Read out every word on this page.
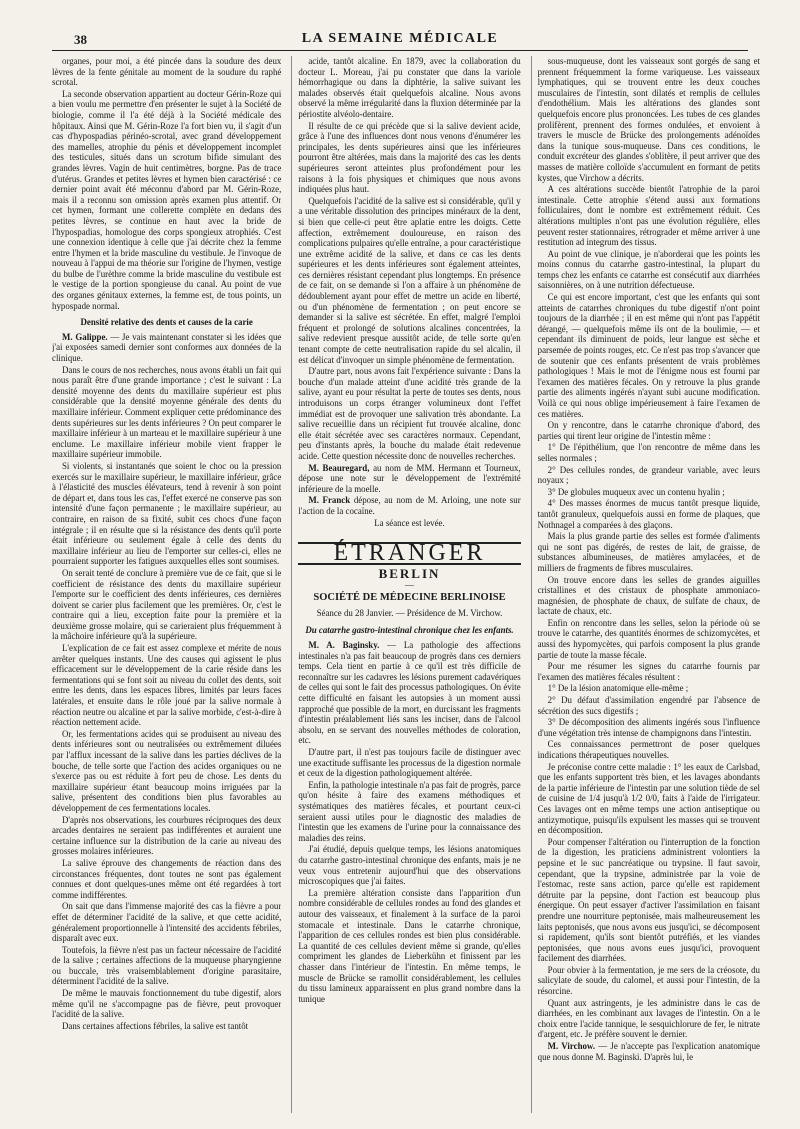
38	LA SEMAINE MÉDICALE

organes, pour moi, a été pincée dans la soudure des deux lèvres de la fente génitale au moment de la soudure du raphé scrotal.

La seconde observation appartient au docteur Gérin-Roze qui a bien voulu me permettre d'en présenter le sujet à la Société de biologie, comme il l'a été déjà à la Société médicale des hôpitaux. Ainsi que M. Gérin-Roze l'a fort bien vu, il s'agit d'un cas d'hypospadias périnéo-scrotal, avec grand développement des mamelles, atrophie du pénis et développement incomplet des testicules, situés dans un scrotum bifide simulant des grandes lèvres. Vagin de huit centimètres, borgne. Pas de trace d'utérus. Grandes et petites lèvres et hymen bien caractérisé : ce dernier point avait été méconnu d'abord par M. Gérin-Roze, mais il a reconnu son omission après examen plus attentif. Or cet hymen, formant une collerette complète en dedans des petites lèvres, se continue en haut avec la bride de l'hypospadias, homologue des corps spongieux atrophiés. C'est une connexion identique à celle que j'ai décrite chez la femme entre l'hymen et la bride masculine du vestibule. Je l'invoque de nouveau à l'appui de ma théorie sur l'origine de l'hymen, vestige du bulbe de l'urèthre comme la bride masculine du vestibule est le vestige de la portion spongieuse du canal. Au point de vue des organes génitaux externes, la femme est, de tous points, un hypospade normal.

Densité relative des dents et causes de la carie

M. Galippe. — Je vais maintenant constater si les idées que j'ai exposées samedi dernier sont conformes aux données de la clinique.

Dans le cours de nos recherches, nous avons établi un fait qui nous paraît être d'une grande importance ; c'est le suivant : La densité moyenne des dents du maxillaire supérieur est plus considérable que la densité moyenne générale des dents du maxillaire inférieur. Comment expliquer cette prédominance des dents supérieures sur les dents inférieures ? On peut comparer le maxillaire inférieur à un marteau et le maxillaire supérieur à une enclume. Le maxillaire inférieur mobile vient frapper le maxillaire supérieur immobile.

Si violents, si instantanés que soient le choc ou la pression exercés sur le maxillaire supérieur, le maxillaire inférieur, grâce à l'élasticité des muscles élévateurs, tend à revenir à son point de départ et, dans tous les cas, l'effet exercé ne conserve pas son intensité d'une façon permanente ; le maxillaire supérieur, au contraire, en raison de sa fixité, subit ces chocs d'une façon intégrale ; il en résulte que si la résistance des dents qu'il porte était inférieure ou seulement égale à celle des dents du maxillaire inférieur au lieu de l'emporter sur celles-ci, elles ne pourraient supporter les fatigues auxquelles elles sont soumises.

On serait tenté de conclure à première vue de ce fait, que si le coefficient de résistance des dents du maxillaire supérieur l'emporte sur le coefficient des dents inférieures, ces dernières doivent se carier plus facilement que les premières. Or, c'est le contraire qui a lieu, exception faite pour la première et la deuxième grosse molaire, qui se carieraient plus fréquemment à la mâchoire inférieure qu'à la supérieure.

L'explication de ce fait est assez complexe et mérite de nous arrêter quelques instants. Une des causes qui agissent le plus efficacement sur le développement de la carie réside dans les fermentations qui se font soit au niveau du collet des dents, soit entre les dents, dans les espaces libres, limités par leurs faces latérales, et ensuite dans le rôle joué par la salive normale à réaction neutre ou alcaline et par la salive morbide, c'est-à-dire à réaction nettement acide.

Or, les fermentations acides qui se produisent au niveau des dents inférieures sont ou neutralisées ou extrêmement diluées par l'afflux incessant de la salive dans les parties déclives de la bouche, de telle sorte que l'action des acides organiques ou ne s'exerce pas ou est réduite à fort peu de chose. Les dents du maxillaire supérieur étant beaucoup moins irriguées par la salive, présentent des conditions bien plus favorables au développement de ces fermentations locales.

D'après nos observations, les courbures réciproques des deux arcades dentaires ne seraient pas indifférentes et auraient une certaine influence sur la distribution de la carie au niveau des grosses molaires inférieures.

La salive éprouve des changements de réaction dans des circonstances fréquentes, dont toutes ne sont pas également connues et dont quelques-unes même ont été regardées à tort comme indifférentes.

On sait que dans l'immense majorité des cas la fièvre a pour effet de déterminer l'acidité de la salive, et que cette acidité, généralement proportionnelle à l'intensité des accidents fébriles, disparaît avec eux.

Toutefois, la fièvre n'est pas un facteur nécessaire de l'acidité de la salive ; certaines affections de la muqueuse pharyngienne ou buccale, très vraisemblablement d'origine parasitaire, déterminent l'acidité de la salive.

De même le mauvais fonctionnement du tube digestif, alors même qu'il ne s'accompagne pas de fièvre, peut provoquer l'acidité de la salive.

Dans certaines affections fébriles, la salive est tantôt

acide, tantôt alcaline. En 1879, avec la collaboration du docteur L. Moreau, j'ai pu constater que dans la variole hémorrhagique ou dans la diphtérie, la salive suivant les malades observés était quelquefois alcaline. Nous avons observé la même irrégularité dans la fluxion déterminée par la périostite alvéolo-dentaire.

Il résulte de ce qui précède que si la salive devient acide, grâce à l'une des influences dont nous venons d'énumérer les principales, les dents supérieures ainsi que les inférieures pourront être altérées, mais dans la majorité des cas les dents supérieures seront atteintes plus profondément pour les raisons à la fois physiques et chimiques que nous avons indiquées plus haut.

Quelquefois l'acidité de la salive est si considérable, qu'il y a une véritable dissolution des principes minéraux de la dent, si bien que celle-ci peut être aplatie entre les doigts. Cette affection, extrêmement douloureuse, en raison des complications pulpaires qu'elle entraîne, a pour caractéristique une extrême acidité de la salive, et dans ce cas les dents supérieures et les dents inférieures sont également atteintes, ces dernières résistant cependant plus longtemps. En présence de ce fait, on se demande si l'on a affaire à un phénomène de dédoublement ayant pour effet de mettre un acide en liberté, ou d'un phénomène de fermentation ; on peut encore se demander si la salive est sécrétée. En effet, malgré l'emploi fréquent et prolongé de solutions alcalines concentrées, la salive redevient presque aussitôt acide, de telle sorte qu'en tenant compte de cette neutralisation rapide du sel alcalin, il est délicat d'invoquer un simple phénomène de fermentation.

D'autre part, nous avons fait l'expérience suivante : Dans la bouche d'un malade atteint d'une acidité très grande de la salive, ayant eu pour résultat la perte de toutes ses dents, nous introduisons un corps étranger volumineux dont l'effet immédiat est de provoquer une salivation très abondante. La salive recueillie dans un récipient fut trouvée alcaline, donc elle était sécrétée avec ses caractères normaux. Cependant, peu d'instants après, la bouche du malade était redevenue acide. Cette question nécessite donc de nouvelles recherches.

M. Beauregard, au nom de MM. Hermann et Tourneux, dépose une note sur le développement de l'extrémité inférieure de la moelle.

M. Franck dépose, au nom de M. Arloing, une note sur l'action de la cocaïne.

La séance est levée.

ÉTRANGER
BERLIN
—
SOCIÉTÉ DE MÉDECINE BERLINOISE

Séance du 28 Janvier. — Présidence de M. Virchow.

Du catarrhe gastro-intestinal chronique chez les enfants.

M. A. Baginsky. — La pathologie des affections intestinales n'a pas fait beaucoup de progrès dans ces derniers temps. Cela tient en partie à ce qu'il est très difficile de reconnaître sur les cadavres les lésions purement cadavériques de celles qui sont le fait des processus pathologiques. On évite cette difficulté en faisant les autopsies à un moment aussi rapproché que possible de la mort, en durcissant les fragments d'intestin préalablement liés sans les inciser, dans de l'alcool absolu, en se servant des nouvelles méthodes de coloration, etc.

D'autre part, il n'est pas toujours facile de distinguer avec une exactitude suffisante les processus de la digestion normale et ceux de la digestion pathologiquement altérée.

Enfin, la pathologie intestinale n'a pas fait de progrès, parce qu'on hésite à faire des examens méthodiques et systématiques des matières fécales, et pourtant ceux-ci seraient aussi utiles pour le diagnostic des maladies de l'intestin que les examens de l'urine pour la connaissance des maladies des reins.

J'ai étudié, depuis quelque temps, les lésions anatomiques du catarrhe gastro-intestinal chronique des enfants, mais je ne veux vous entretenir aujourd'hui que des observations microscopiques que j'ai faites.

La première altération consiste dans l'apparition d'un nombre considérable de cellules rondes au fond des glandes et autour des vaisseaux, et finalement à la surface de la paroi stomacale et intestinale. Dans le catarrhe chronique, l'apparition de ces cellules rondes est bien plus considérable. La quantité de ces cellules devient même si grande, qu'elles compriment les glandes de Lieberkühn et finissent par les chasser dans l'intérieur de l'intestin. En même temps, le muscle de Brücke se ramollit considérablement, les cellules du tissu lamineux apparaissent en plus grand nombre dans la tunique

sous-muqueuse, dont les vaisseaux sont gorgés de sang et prennent fréquemment la forme variqueuse. Les vaisseaux lymphatiques, qui se trouvent entre les deux couches musculaires de l'intestin, sont dilatés et remplis de cellules d'endothélium. Mais les altérations des glandes sont quelquefois encore plus prononcées. Les tubes de ces glandes prolifèrent, prennent des formes ondulées, et envoient à travers le muscle de Brücke des prolongements adénoïdes dans la tunique sous-muqueuse. Dans ces conditions, le conduit excréteur des glandes s'oblitère, il peut arriver que des masses de matière colloïde s'accumulent en formant de petits kystes, que Virchow a décrits.

A ces altérations succède bientôt l'atrophie de la paroi intestinale. Cette atrophie s'étend aussi aux formations folliculaires, dont le nombre est extrêmement réduit. Ces altérations multiples n'ont pas une évolution régulière, elles peuvent rester stationnaires, rétrograder et même arriver à une restitution ad integrum des tissus.

Au point de vue clinique, je n'aborderai que les points les moins connus du catarrhe gastro-intestinal, la plupart du temps chez les enfants ce catarrhe est consécutif aux diarrhées saisonnières, on à une nutrition défectueuse.

Ce qui est encore important, c'est que les enfants qui sont atteints de catarrhes chroniques du tube digestif n'ont point toujours de la diarrhée ; il en est même qui n'ont pas l'appétit dérangé, — quelquefois même ils ont de la boulimie, — et cependant ils diminuent de poids, leur langue est sèche et parsemée de points rouges, etc. Ce n'est pas trop s'avancer que de soutenir que ces enfants présentent de vrais problèmes pathologiques ! Mais le mot de l'énigme nous est fourni par l'examen des matières fécales. On y retrouve la plus grande partie des aliments ingérés n'ayant subi aucune modification. Voilà ce qui nous oblige impérieusement à faire l'examen de ces matières.

On y rencontre, dans le catarrhe chronique d'abord, des parties qui tirent leur origine de l'intestin même :

1° De l'épithélium, que l'on rencontre de même dans les selles normales ;

2° Des cellules rondes, de grandeur variable, avec leurs noyaux ;

3° De globules muqueux avec un contenu hyalin ;

4° Des masses énormes de mucus tantôt presque liquide, tantôt granuleux, quelquefois aussi en forme de plaques, que Nothnagel a comparées à des glaçons.

Mais la plus grande partie des selles est formée d'aliments qui ne sont pas digérés, de restes de lait, de graisse, de substances albumineuses, de matières amylacées, et de milliers de fragments de fibres musculaires.

On trouve encore dans les selles de grandes aiguilles cristallines et des cristaux de phosphate ammoniaco-magnésien, de phosphate de chaux, de sulfate de chaux, de lactate de chaux, etc.

Enfin on rencontre dans les selles, selon la période où se trouve le catarrhe, des quantités énormes de schizomycètes, et aussi des hypomycètes, qui parfois composent la plus grande partie de toute la masse fécale.

Pour me résumer les signes du catarrhe fournis par l'examen des matières fécales résultent :

1° De la lésion anatomique elle-même ;

2° Du défaut d'assimilation engendré par l'absence de sécrétion des sucs digestifs ;

3° De décomposition des aliments ingérés sous l'influence d'une végétation très intense de champignons dans l'intestin.

Ces connaissances permettront de poser quelques indications thérapeutiques nouvelles.

Je préconise contre cette maladie : 1° les eaux de Carlsbad, que les enfants supportent très bien, et les lavages abondants de la partie inférieure de l'intestin par une solution tiède de sel de cuisine de 1/4 jusqu'à 1/2 0/0, faits à l'aide de l'irrigateur. Ces lavages ont en même temps une action antiseptique ou antizymotique, puisqu'ils expulsent les masses qui se trouvent en décomposition.

Pour compenser l'altération ou l'interruption de la fonction de la digestion, les praticiens administrent volontiers la pepsine et le suc pancréatique ou trypsine. Il faut savoir, cependant, que la trypsine, administrée par la voie de l'estomac, reste sans action, parce qu'elle est rapidement détruite par la pepsine, dont l'action est beaucoup plus énergique. On peut essayer d'activer l'assimilation en faisant prendre une nourriture peptonisée, mais malheureusement les laits peptonisés, que nous avons eus jusqu'ici, se décomposent si rapidement, qu'ils sont bientôt putréfiés, et les viandes peptonisées, que nous avons eues jusqu'ici, provoquent facilement des diarrhées.

Pour obvier à la fermentation, je me sers de la créosote, du salicylate de soude, du calomel, et aussi pour l'intestin, de la résorcine.

Quant aux astringents, je les administre dans le cas de diarrhées, en les combinant aux lavages de l'intestin. On a le choix entre l'acide tannique, le sesquichlorure de fer, le nitrate d'argent, etc. Je préfère souvent le dernier.

M. Virchow. — Je n'accepte pas l'explication anatomique que nous donne M. Baginski. D'après lui, le
